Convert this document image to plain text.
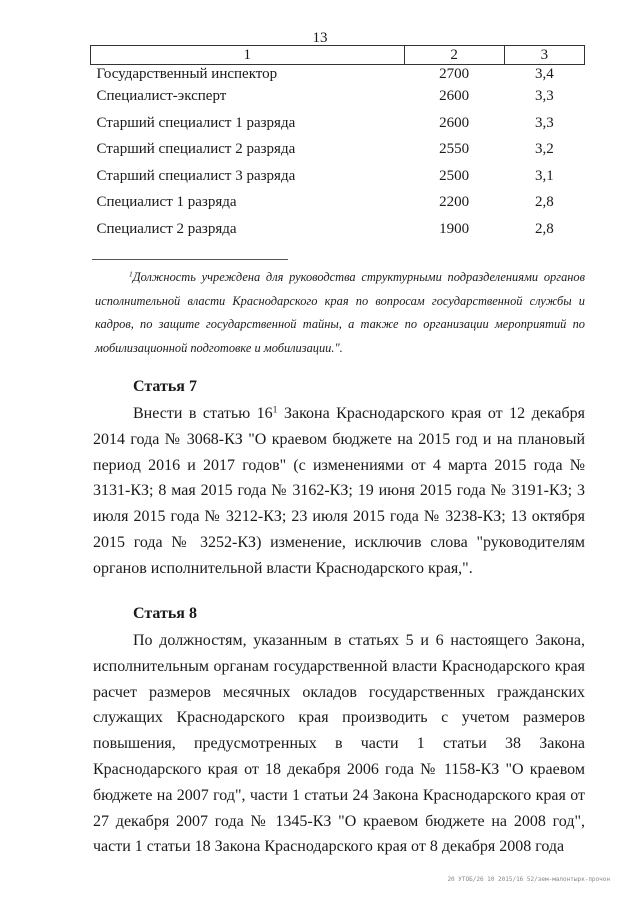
13
1	2	3
Государственный инспектор	2700	3,4
Специалист-эксперт	2600	3,3
Старший специалист 1 разряда	2600	3,3
Старший специалист 2 разряда	2550	3,2
Старший специалист 3 разряда	2500	3,1
Специалист 1 разряда	2200	2,8
Специалист 2 разряда	1900	2,8
$^1$Должность учреждена для руководства структурными подразделениями органов исполнительной власти Краснодарского края по вопросам государственной службы и кадров, по защите государственной тайны, а также по организации мероприятий по мобилизационной подготовке и мобилизации.".
Статья 7
Внести в статью $16^1$ Закона Краснодарского края от 12 декабря 2014 года № 3068-КЗ "О краевом бюджете на 2015 год и на плановый период 2016 и 2017 годов" (с изменениями от 4 марта 2015 года № 3131-КЗ; 8 мая 2015 года № 3162-КЗ; 19 июня 2015 года № 3191-КЗ; 3 июля 2015 года № 3212-КЗ; 23 июля 2015 года № 3238-КЗ; 13 октября 2015 года № 3252-КЗ) изменение, исключив слова "руководителям органов исполнительной власти Краснодарского края,".
Статья 8
По должностям, указанным в статьях 5 и 6 настоящего Закона, исполнительным органам государственной власти Краснодарского края расчет размеров месячных окладов государственных гражданских служащих Краснодарского края производить с учетом размеров повышения, предусмотренных в части 1 статьи 38 Закона Краснодарского края от 18 декабря 2006 года № 1158-КЗ "О краевом бюджете на 2007 год", части 1 статьи 24 Закона Краснодарского края от 27 декабря 2007 года № 1345-КЗ "О краевом бюджете на 2008 год", части 1 статьи 18 Закона Краснодарского края от 8 декабря 2008 года
20 УТОБ/26 10 2015/16 52/зем-малонтырк-прочон
